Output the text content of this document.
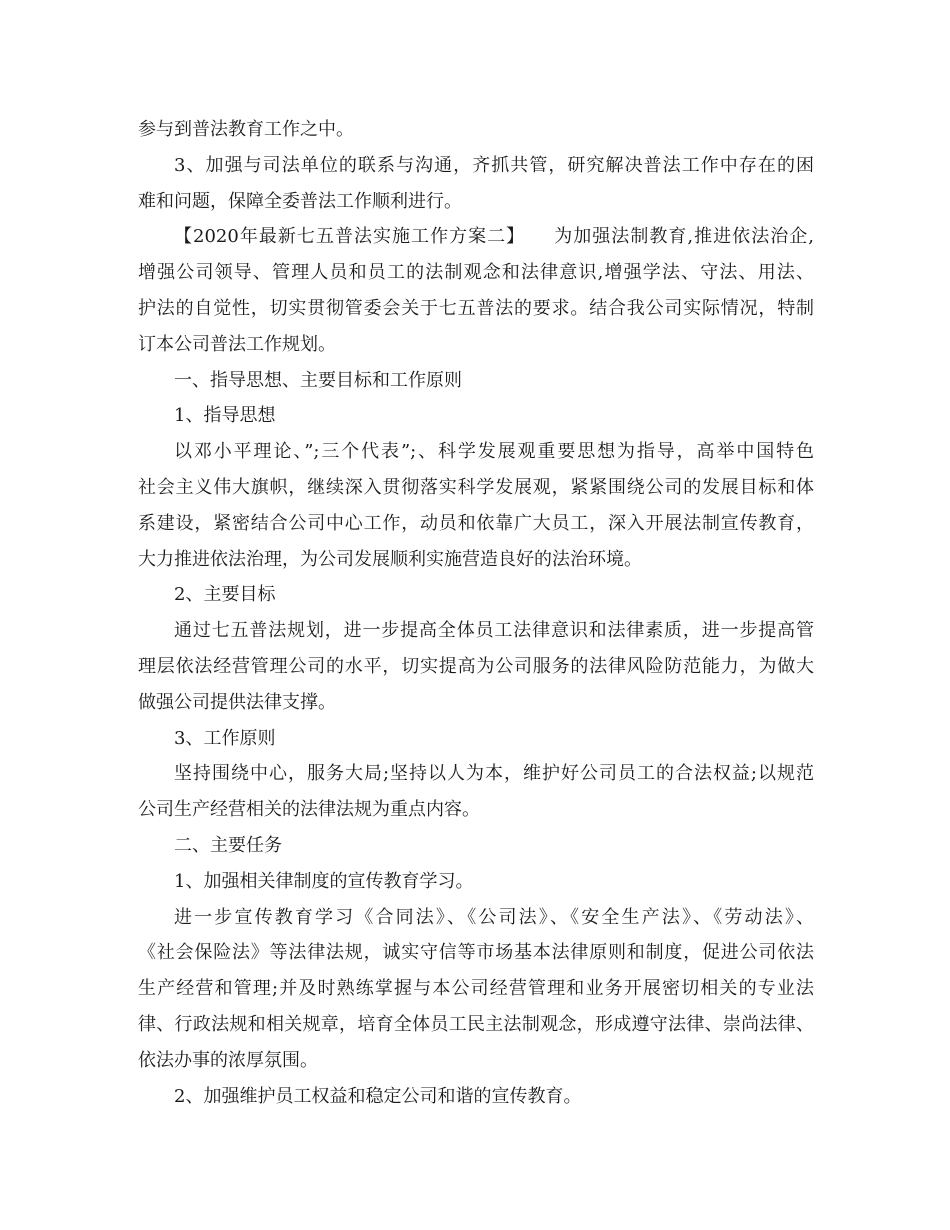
参与到普法教育工作之中。
3、加强与司法单位的联系与沟通，齐抓共管，研究解决普法工作中存在的困
难和问题，保障全委普法工作顺利进行。
【2020年最新七五普法实施工作方案二】　　为加强法制教育,推进依法治企,
增强公司领导、管理人员和员工的法制观念和法律意识,增强学法、守法、用法、
护法的自觉性，切实贯彻管委会关于七五普法的要求。结合我公司实际情况，特制
订本公司普法工作规划。
一、指导思想、主要目标和工作原则
1、指导思想
以邓小平理论、”;三个代表”;、科学发展观重要思想为指导，高举中国特色
社会主义伟大旗帜，继续深入贯彻落实科学发展观，紧紧围绕公司的发展目标和体
系建设，紧密结合公司中心工作，动员和依靠广大员工，深入开展法制宣传教育，
大力推进依法治理，为公司发展顺利实施营造良好的法治环境。
2、主要目标
通过七五普法规划，进一步提高全体员工法律意识和法律素质，进一步提高管
理层依法经营管理公司的水平，切实提高为公司服务的法律风险防范能力，为做大
做强公司提供法律支撑。
3、工作原则
坚持围绕中心，服务大局;坚持以人为本，维护好公司员工的合法权益;以规范
公司生产经营相关的法律法规为重点内容。
二、主要任务
1、加强相关律制度的宣传教育学习。
进一步宣传教育学习《合同法》、《公司法》、《安全生产法》、《劳动法》、
《社会保险法》等法律法规，诚实守信等市场基本法律原则和制度，促进公司依法
生产经营和管理;并及时熟练掌握与本公司经营管理和业务开展密切相关的专业法
律、行政法规和相关规章，培育全体员工民主法制观念，形成遵守法律、崇尚法律、
依法办事的浓厚氛围。
2、加强维护员工权益和稳定公司和谐的宣传教育。
